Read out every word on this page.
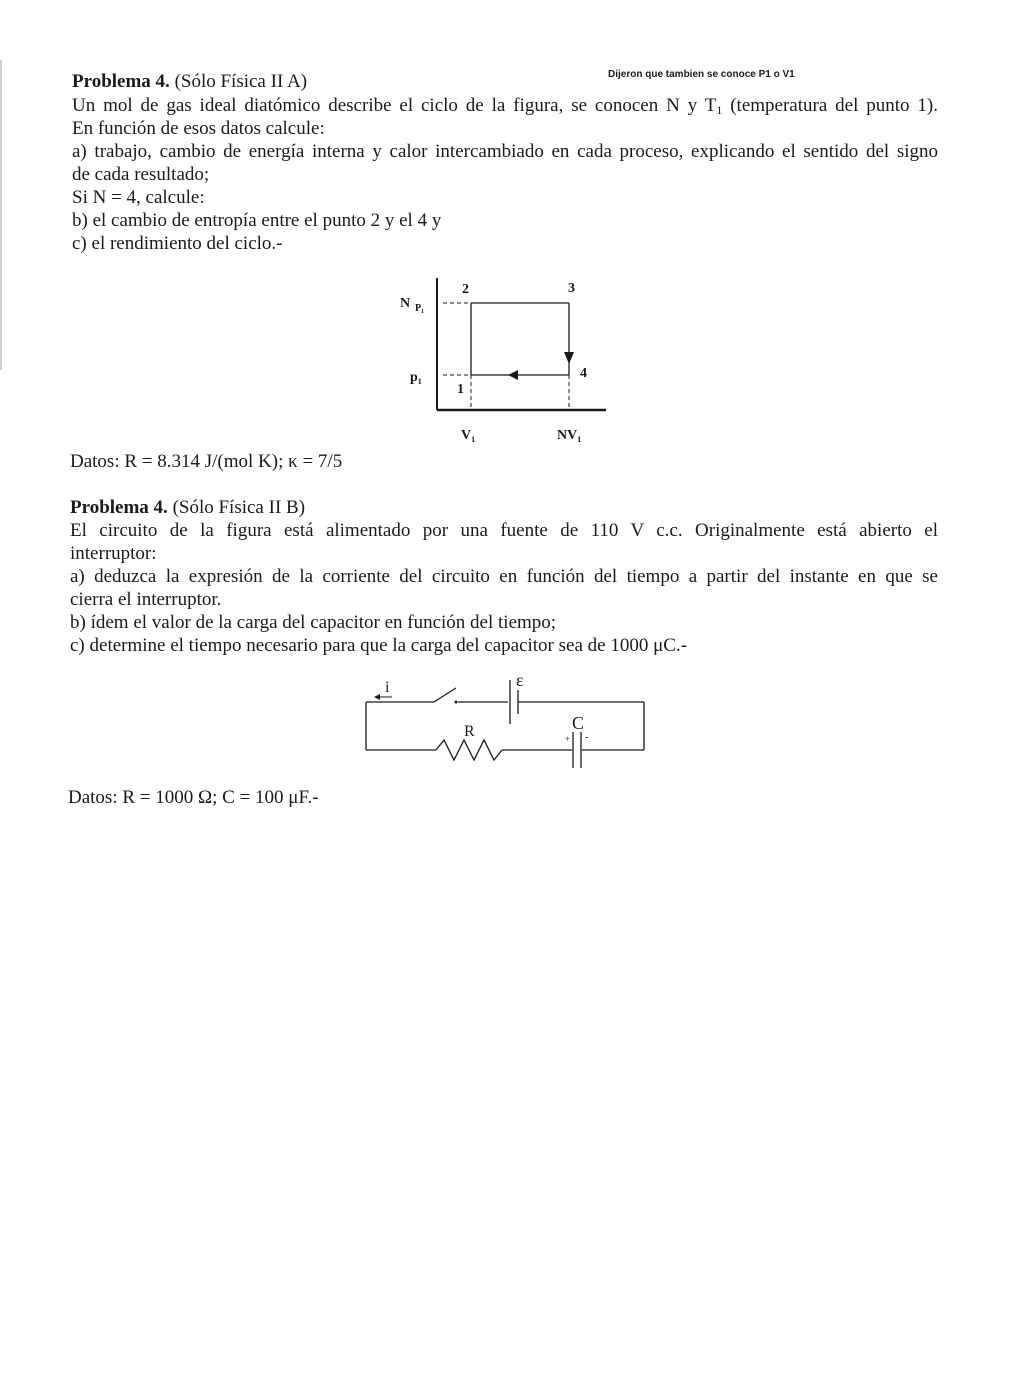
Dijeron que tambien se conoce P1 o V1
Problema 4. (Sólo Física II A)
Un mol de gas ideal diatómico describe el ciclo de la figura, se conocen N y $T_1$ (temperatura del punto 1).
En función de esos datos calcule:
a) trabajo, cambio de energía interna y calor intercambiado en cada proceso, explicando el sentido del signo
de cada resultado;
Si N = 4, calcule:
b) el cambio de entropía entre el punto 2 y el 4 y
c) el rendimiento del ciclo.-
N P₁
p₁
1
2	3
4
V₁	NV₁
Datos: R = 8.314 J/(mol K); κ = 7/5
Problema 4. (Sólo Física II B)
El circuito de la figura está alimentado por una fuente de 110 V c.c. Originalmente está abierto el
interruptor:
a) deduzca la expresión de la corriente del circuito en función del tiempo a partir del instante en que se
cierra el interruptor.
b) ídem el valor de la carga del capacitor en función del tiempo;
c) determine el tiempo necesario para que la carga del capacitor sea de 1000 μC.-
i	ε
R	C
+ -
Datos: R = 1000 Ω; C = 100 μF.-
